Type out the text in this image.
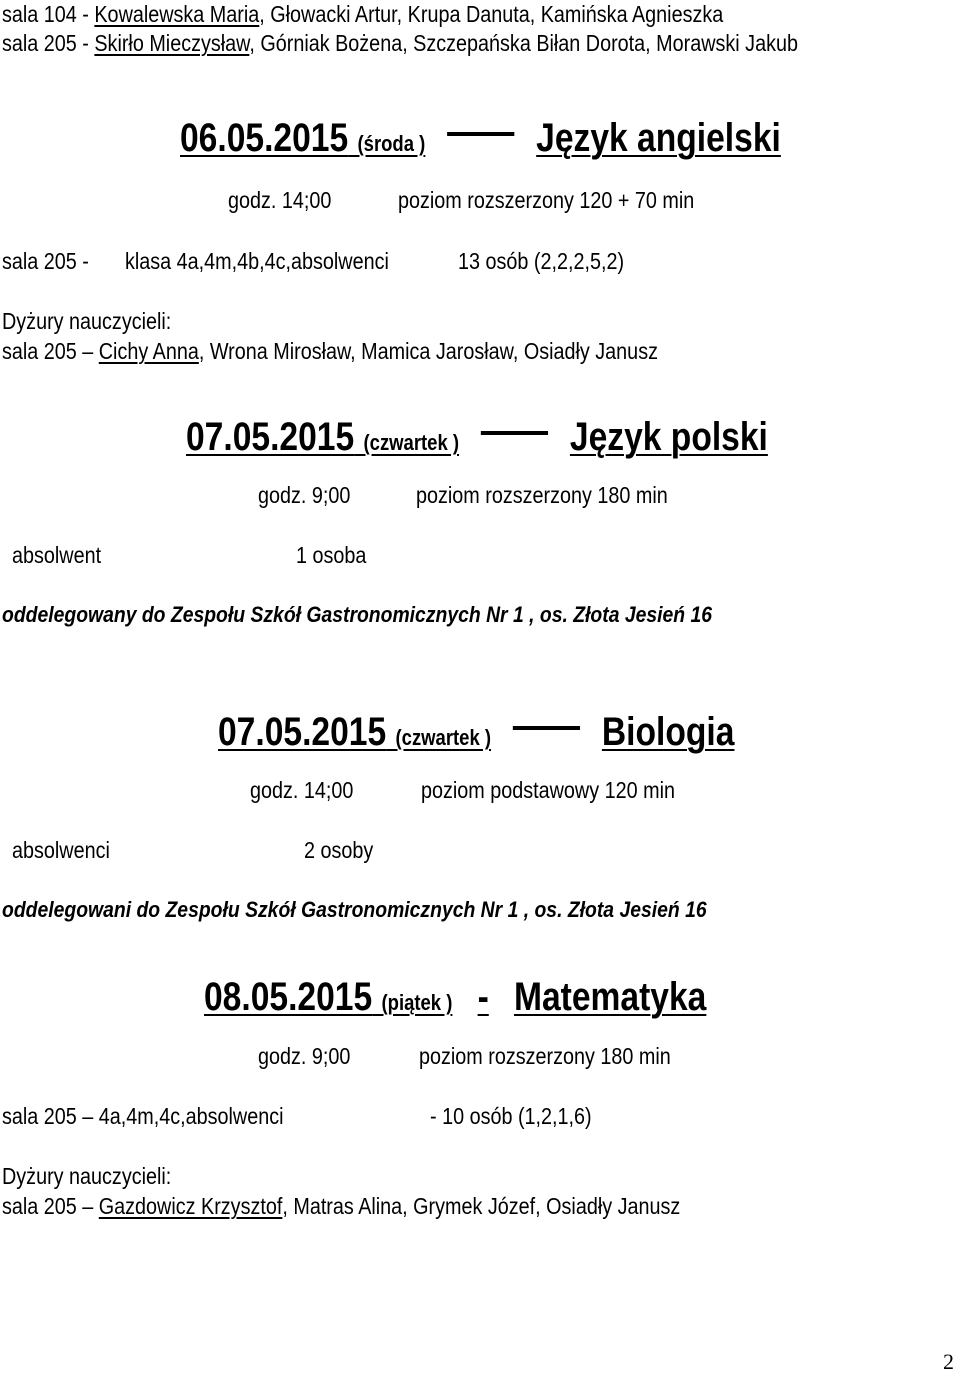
sala 104 - Kowalewska Maria, Głowacki Artur, Krupa Danuta, Kamińska Agnieszka
sala 205 - Skirło Mieczysław, Górniak Bożena, Szczepańska Biłan Dorota, Morawski Jakub
06.05.2015 (środa )	Język angielski
godz. 14;00	poziom rozszerzony 120 + 70 min
sala 205 - klasa 4a,4m,4b,4c,absolwenci	13 osób (2,2,2,5,2)
Dyżury nauczycieli:
sala 205 – Cichy Anna, Wrona Mirosław, Mamica Jarosław, Osiadły Janusz
07.05.2015 (czwartek )	Język polski
godz. 9;00	poziom rozszerzony 180 min
absolwent	1 osoba
oddelegowany do Zespołu Szkół Gastronomicznych Nr 1 , os. Złota Jesień 16
07.05.2015 (czwartek )	Biologia
godz. 14;00	poziom podstawowy 120 min
absolwenci	2 osoby
oddelegowani do Zespołu Szkół Gastronomicznych Nr 1 , os. Złota Jesień 16
08.05.2015 (piątek ) - Matematyka
godz. 9;00	poziom rozszerzony 180 min
sala 205 – 4a,4m,4c,absolwenci	- 10 osób (1,2,1,6)
Dyżury nauczycieli:
sala 205 – Gazdowicz Krzysztof, Matras Alina, Grymek Józef, Osiadły Janusz
2
